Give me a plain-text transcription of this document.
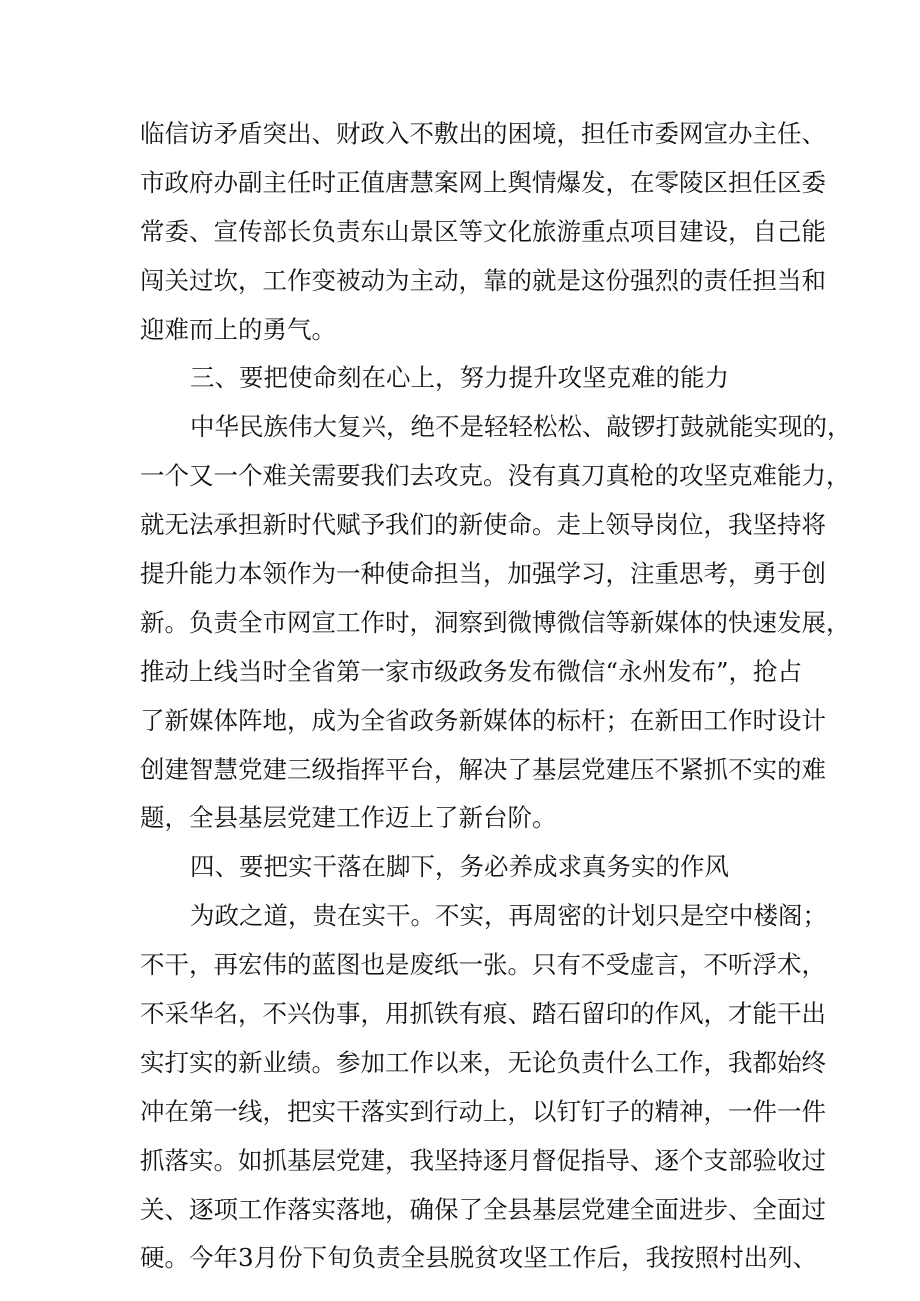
临信访矛盾突出、财政入不敷出的困境，担任市委网宣办主任、
市政府办副主任时正值唐慧案网上舆情爆发，在零陵区担任区委
常委、宣传部长负责东山景区等文化旅游重点项目建设，自己能
闯关过坎，工作变被动为主动，靠的就是这份强烈的责任担当和
迎难而上的勇气。
三、要把使命刻在心上，努力提升攻坚克难的能力
中华民族伟大复兴，绝不是轻轻松松、敲锣打鼓就能实现的，
一个又一个难关需要我们去攻克。没有真刀真枪的攻坚克难能力，
就无法承担新时代赋予我们的新使命。走上领导岗位，我坚持将
提升能力本领作为一种使命担当，加强学习，注重思考，勇于创
新。负责全市网宣工作时，洞察到微博微信等新媒体的快速发展，
推动上线当时全省第一家市级政务发布微信“永州发布”，抢占
了新媒体阵地，成为全省政务新媒体的标杆；在新田工作时设计
创建智慧党建三级指挥平台，解决了基层党建压不紧抓不实的难
题，全县基层党建工作迈上了新台阶。
四、要把实干落在脚下，务必养成求真务实的作风
为政之道，贵在实干。不实，再周密的计划只是空中楼阁；
不干，再宏伟的蓝图也是废纸一张。只有不受虚言，不听浮术，
不采华名，不兴伪事，用抓铁有痕、踏石留印的作风，才能干出
实打实的新业绩。参加工作以来，无论负责什么工作，我都始终
冲在第一线，把实干落实到行动上，以钉钉子的精神，一件一件
抓落实。如抓基层党建，我坚持逐月督促指导、逐个支部验收过
关、逐项工作落实落地，确保了全县基层党建全面进步、全面过
硬。今年3月份下旬负责全县脱贫攻坚工作后，我按照村出列、
